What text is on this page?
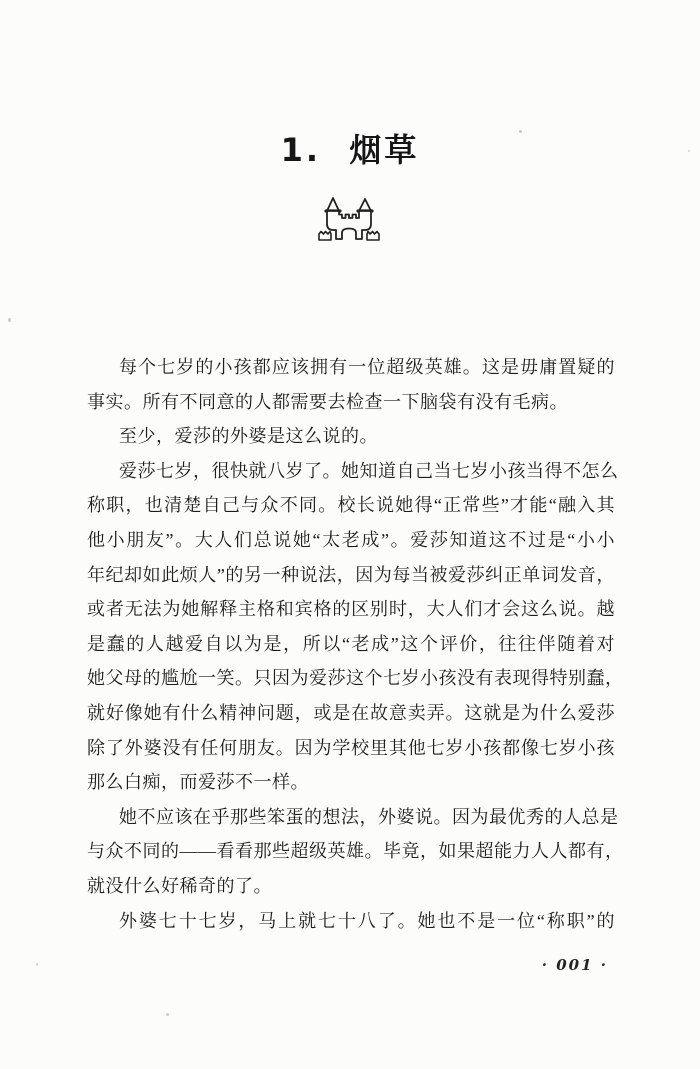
1.  烟草
每个七岁的小孩都应该拥有一位超级英雄。这是毋庸置疑的
事实。所有不同意的人都需要去检查一下脑袋有没有毛病。
至少，爱莎的外婆是这么说的。
爱莎七岁，很快就八岁了。她知道自己当七岁小孩当得不怎么
称职，也清楚自己与众不同。校长说她得“正常些”才能“融入其
他小朋友”。大人们总说她“太老成”。爱莎知道这不过是“小小
年纪却如此烦人”的另一种说法，因为每当被爱莎纠正单词发音，
或者无法为她解释主格和宾格的区别时，大人们才会这么说。越
是蠢的人越爱自以为是，所以“老成”这个评价，往往伴随着对
她父母的尴尬一笑。只因为爱莎这个七岁小孩没有表现得特别蠢，
就好像她有什么精神问题，或是在故意卖弄。这就是为什么爱莎
除了外婆没有任何朋友。因为学校里其他七岁小孩都像七岁小孩
那么白痴，而爱莎不一样。
她不应该在乎那些笨蛋的想法，外婆说。因为最优秀的人总是
与众不同的——看看那些超级英雄。毕竟，如果超能力人人都有，
就没什么好稀奇的了。
外婆七十七岁，马上就七十八了。她也不是一位“称职”的
· 001 ·
